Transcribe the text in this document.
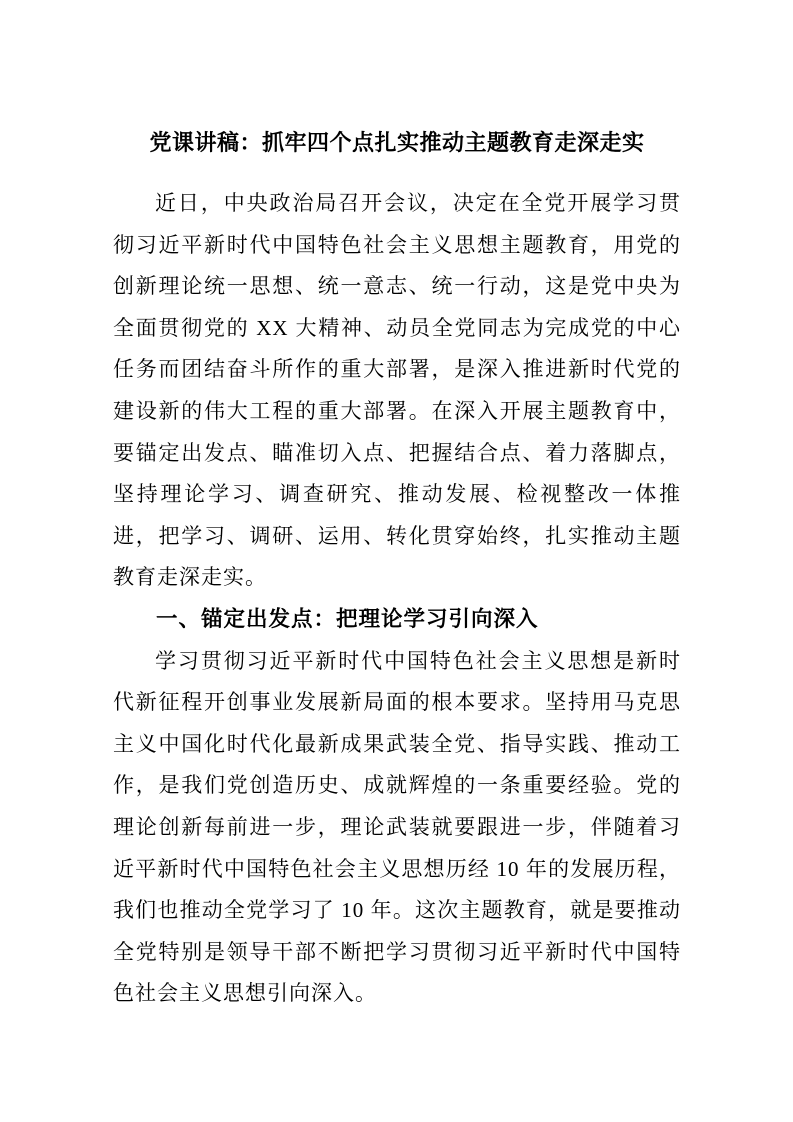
党课讲稿：抓牢四个点扎实推动主题教育走深走实

近日，中央政治局召开会议，决定在全党开展学习贯彻习近平新时代中国特色社会主义思想主题教育，用党的创新理论统一思想、统一意志、统一行动，这是党中央为全面贯彻党的 XX 大精神、动员全党同志为完成党的中心任务而团结奋斗所作的重大部署，是深入推进新时代党的建设新的伟大工程的重大部署。在深入开展主题教育中，要锚定出发点、瞄准切入点、把握结合点、着力落脚点，坚持理论学习、调查研究、推动发展、检视整改一体推进，把学习、调研、运用、转化贯穿始终，扎实推动主题教育走深走实。

一、锚定出发点：把理论学习引向深入

学习贯彻习近平新时代中国特色社会主义思想是新时代新征程开创事业发展新局面的根本要求。坚持用马克思主义中国化时代化最新成果武装全党、指导实践、推动工作，是我们党创造历史、成就辉煌的一条重要经验。党的理论创新每前进一步，理论武装就要跟进一步，伴随着习近平新时代中国特色社会主义思想历经 10 年的发展历程，我们也推动全党学习了 10 年。这次主题教育，就是要推动全党特别是领导干部不断把学习贯彻习近平新时代中国特色社会主义思想引向深入。
